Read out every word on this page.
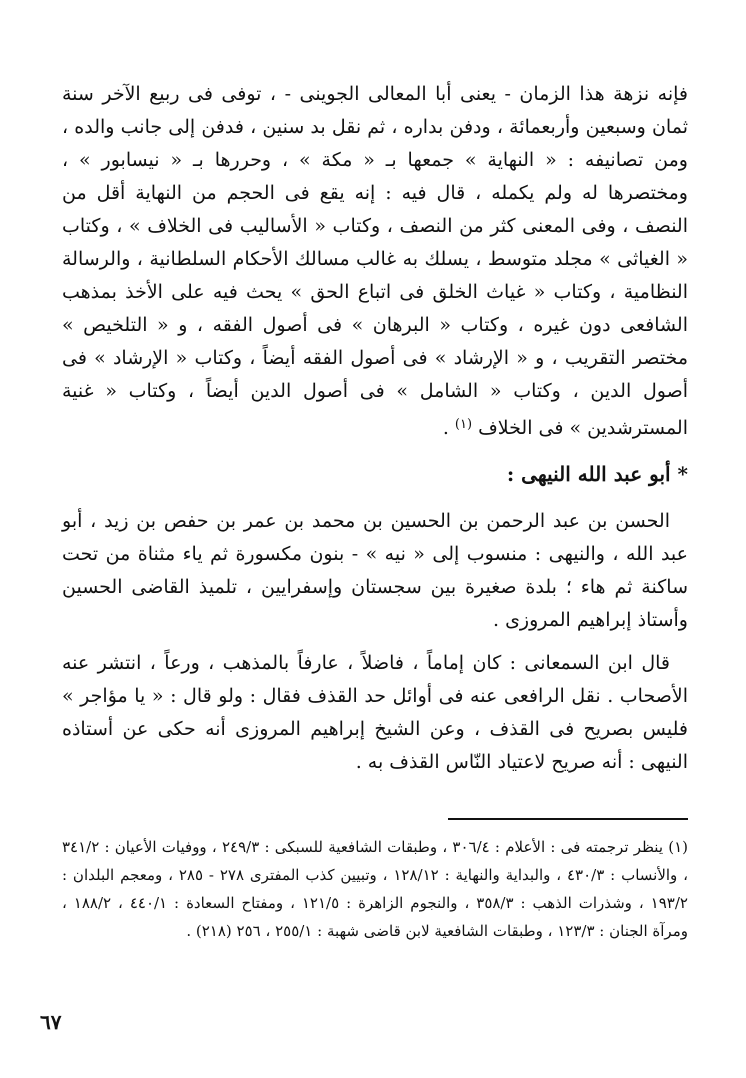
فإنه نزهة هذا الزمان - يعنى أبا المعالى الجوينى - ، توفى فى ربيع الآخر سنة ثمان وسبعين وأربعمائة ، ودفن بداره ، ثم نقل بد سنين ، فدفن إلى جانب والده ، ومن تصانيفه : « النهاية » جمعها بـ « مكة » ، وحررها بـ « نيسابور » ، ومختصرها له ولم يكمله ، قال فيه : إنه يقع فى الحجم من النهاية أقل من النصف ، وفى المعنى كثر من النصف ، وكتاب « الأساليب فى الخلاف » ، وكتاب « الغياثى » مجلد متوسط ، يسلك به غالب مسالك الأحكام السلطانية ، والرسالة النظامية ، وكتاب « غياث الخلق فى اتباع الحق » يحث فيه على الأخذ بمذهب الشافعى دون غيره ، وكتاب « البرهان » فى أصول الفقه ، و « التلخيص » مختصر التقريب ، و « الإرشاد » فى أصول الفقه أيضاً ، وكتاب « الإرشاد » فى أصول الدين ، وكتاب « الشامل » فى أصول الدين أيضاً ، وكتاب « غنية المسترشدين » فى الخلاف $^{(١)}$ .

* أبو عبد الله النيهى :

الحسن بن عبد الرحمن بن الحسين بن محمد بن عمر بن حفص بن زيد ، أبو عبد الله ، والنيهى : منسوب إلى « نيه » - بنون مكسورة ثم ياء مثناة من تحت ساكنة ثم هاء ؛ بلدة صغيرة بين سجستان وإسفرايين ، تلميذ القاضى الحسين وأستاذ إبراهيم المروزى .

قال ابن السمعانى : كان إماماً ، فاضلاً ، عارفاً بالمذهب ، ورعاً ، انتشر عنه الأصحاب . نقل الرافعى عنه فى أوائل حد القذف فقال : ولو قال : « يا مؤاجر » فليس بصريح فى القذف ، وعن الشيخ إبراهيم المروزى أنه حكى عن أستاذه النيهى : أنه صريح لاعتياد النّاس القذف به .

(١) ينظر ترجمته فى : الأعلام : ٣٠٦/٤ ، وطبقات الشافعية للسبكى : ٢٤٩/٣ ، ووفيات الأعيان : ٣٤١/٢ ، والأنساب : ٤٣٠/٣ ، والبداية والنهاية : ١٢٨/١٢ ، وتبيين كذب المفترى ٢٧٨ - ٢٨٥ ، ومعجم البلدان : ١٩٣/٢ ، وشذرات الذهب : ٣٥٨/٣ ، والنجوم الزاهرة : ١٢١/٥ ، ومفتاح السعادة : ٤٤٠/١ ، ١٨٨/٢ ، ومرآة الجنان : ١٢٣/٣ ، وطبقات الشافعية لابن قاضى شهبة : ٢٥٥/١ ، ٢٥٦ (٢١٨) .
٦٧
